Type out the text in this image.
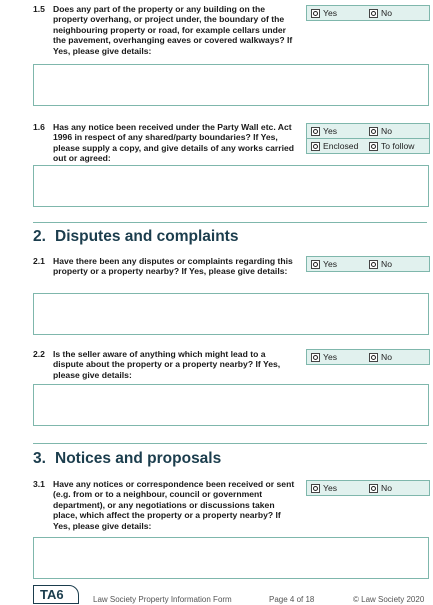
1.5 Does any part of the property or any building on the property overhang, or project under, the boundary of the neighbouring property or road, for example cellars under the pavement, overhanging eaves or covered walkways? If Yes, please give details:
Yes	No
1.6 Has any notice been received under the Party Wall etc. Act 1996 in respect of any shared/party boundaries? If Yes, please supply a copy, and give details of any works carried out or agreed:
Yes	No
Enclosed	To follow
2. Disputes and complaints
2.1 Have there been any disputes or complaints regarding this property or a property nearby? If Yes, please give details:
Yes	No
2.2 Is the seller aware of anything which might lead to a dispute about the property or a property nearby? If Yes, please give details:
Yes	No
3. Notices and proposals
3.1 Have any notices or correspondence been received or sent (e.g. from or to a neighbour, council or government department), or any negotiations or discussions taken place, which affect the property or a property nearby? If Yes, please give details:
Yes	No
TA6	Law Society Property Information Form	Page 4 of 18	© Law Society 2020
